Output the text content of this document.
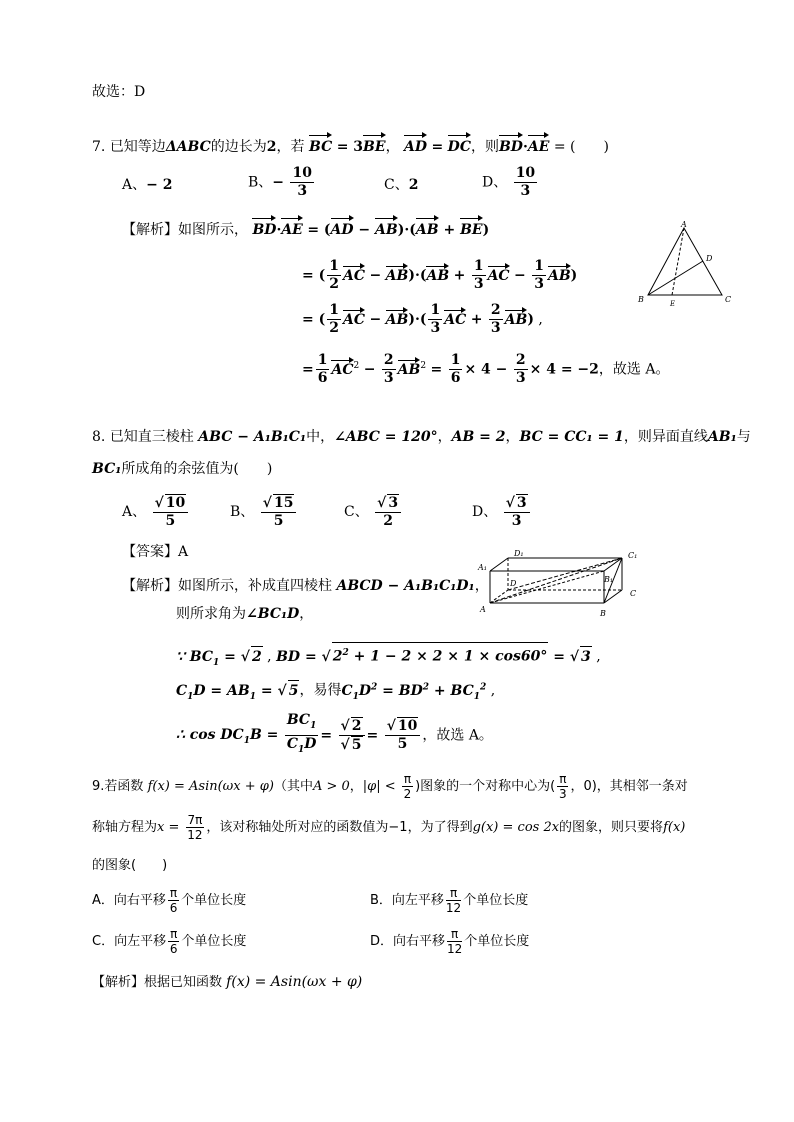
故选：D
7. 已知等边ΔABC的边长为2，若 BC = 3BE， AD = DC，则BD·AE = (　　)
A、− 2	B、− $\frac{10}{3}$	C、2	D、 $\frac{10}{3}$
【解析】如图所示， BD·AE = (AD − AB)·(AB + BE)
= ( $\frac{1}{2}$ AC − $AB)\cdot(AB + \frac{1}{3}$ AC − $\frac{1}{3} AB$)
= ( $\frac{1}{2}$ AC − $AB)\cdot( \frac{1}{3}$ AC + $\frac{2}{3} AB$) ,
= $\frac{1}{6} AC^2 - \frac{2}{3} AB^2 = \frac{1}{6} \times 4 - \frac{2}{3} \times 4 = -2$，故选 A。
A
D
B	E	C
8. 已知直三棱柱 ABC − A₁B₁C₁中，∠ABC = 120°，AB = 2，BC = CC₁ = 1，则异面直线AB₁与
BC₁所成角的余弦值为(　　)
A、 $\frac{√ 10}{5}$	B、 $\frac{√ 15}{5}$	C、 $\frac{√ 3}{2}$	D、 $\frac{√ 3}{3}$
【答案】A
【解析】如图所示，补成直四棱柱 ABCD − A₁B₁C₁D₁，
则所求角为∠BC₁D，
∵ $BC_1$ = √ 2 , BD = √ $2^2 + 1 - 2 \times 2 \times 1 \times \cos 60^\circ$ = √ 3 ,
$C_1D = AB_1$ = √ 5，易得$C_1D^2 = BD^2 + BC_1^2$ ,
∴ $\cos DC_1B = \frac{BC_1}{C_1D} = \frac{√ 2}{√ 5} = \frac{√ 10}{5}$ ，故选 A。
D₁	C₁
A₁
D	B₁
C
A	B
9.若函数 f(x) = Asin(ωx + φ)（其中A > 0，$|\varphi| < \frac{\pi}{2}$ )图象的一个对称中心为( $\frac{\pi}{3}$ ，0)，其相邻一条对
称轴方程为$x = \frac{7\pi}{12}$ ，该对称轴处所对应的函数值为−1，为了得到g(x) = cos 2x的图象，则只要将f(x)
的图象(　　)
A．向右平移 $\frac{\pi}{6}$ 个单位长度	B．向左平移 $\frac{\pi}{12}$ 个单位长度
C．向左平移 $\frac{\pi}{6}$ 个单位长度	D．向右平移 $\frac{\pi}{12}$ 个单位长度
【解析】根据已知函数 f(x) = Asin(ωx + φ)
